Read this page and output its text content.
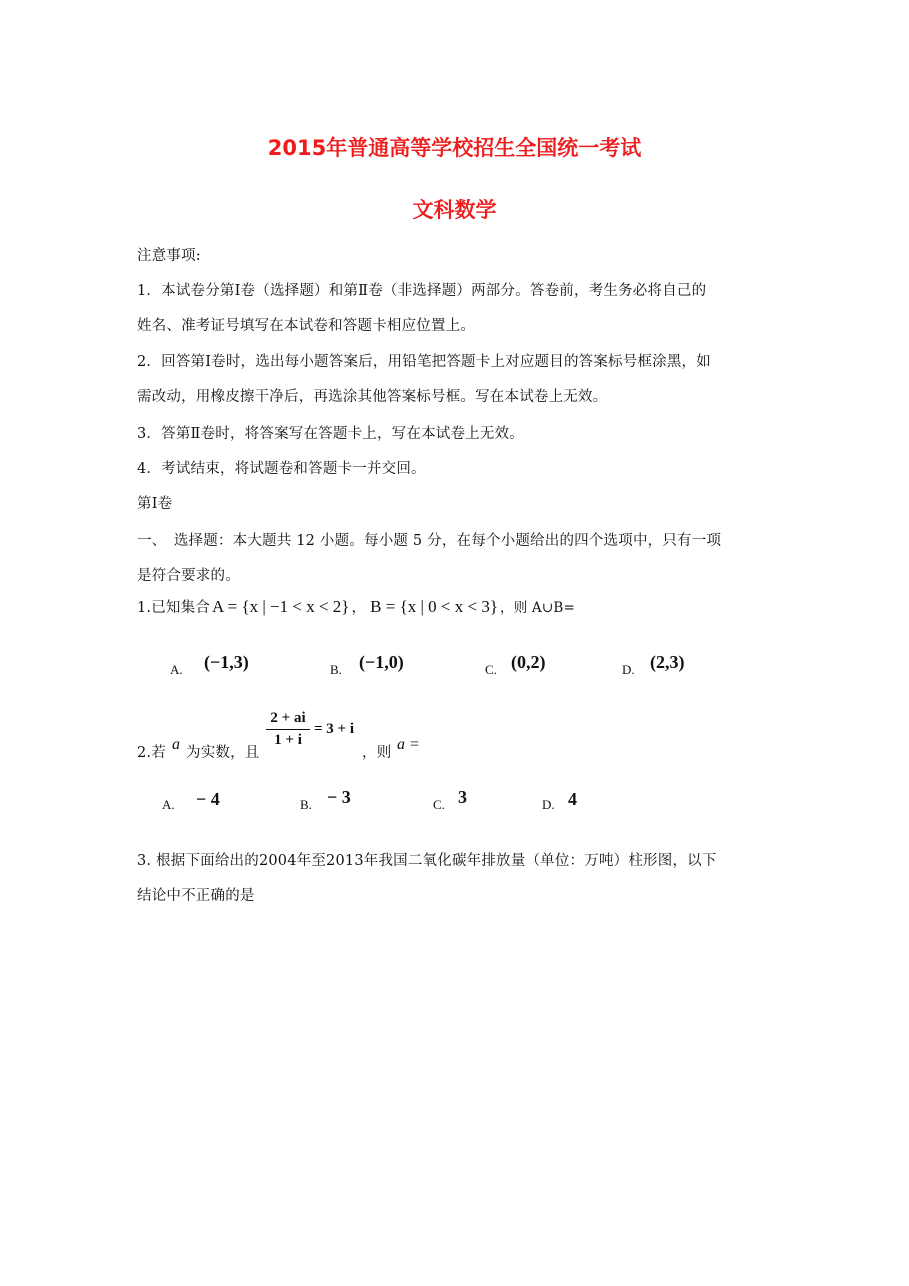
2015年普通高等学校招生全国统一考试
文科数学
注意事项:
1．本试卷分第Ⅰ卷（选择题）和第Ⅱ卷（非选择题）两部分。答卷前，考生务必将自己的
姓名、准考证号填写在本试卷和答题卡相应位置上。
2．回答第Ⅰ卷时，选出每小题答案后，用铅笔把答题卡上对应题目的答案标号框涂黑，如
需改动，用橡皮擦干净后，再选涂其他答案标号框。写在本试卷上无效。
3．答第Ⅱ卷时，将答案写在答题卡上，写在本试卷上无效。
4．考试结束，将试题卷和答题卡一并交回。
第Ⅰ卷
一、　选择题：本大题共 12 小题。每小题 5 分，在每个小题给出的四个选项中，只有一项
是符合要求的。
1.已知集合 A = {x | −1 < x < 2} ， B = {x | 0 < x < 3} ，则 A∪B=
A. (−1,3)	B. (−1,0)	C. (0,2)	D. (2,3)
2.若 a 为实数，且
2 + ai
1 + i
= 3 + i
，则 a =
A. − 4	B. − 3	C. 3	D. 4
3. 根据下面给出的2004年至2013年我国二氧化碳年排放量（单位：万吨）柱形图，以下
结论中不正确的是
